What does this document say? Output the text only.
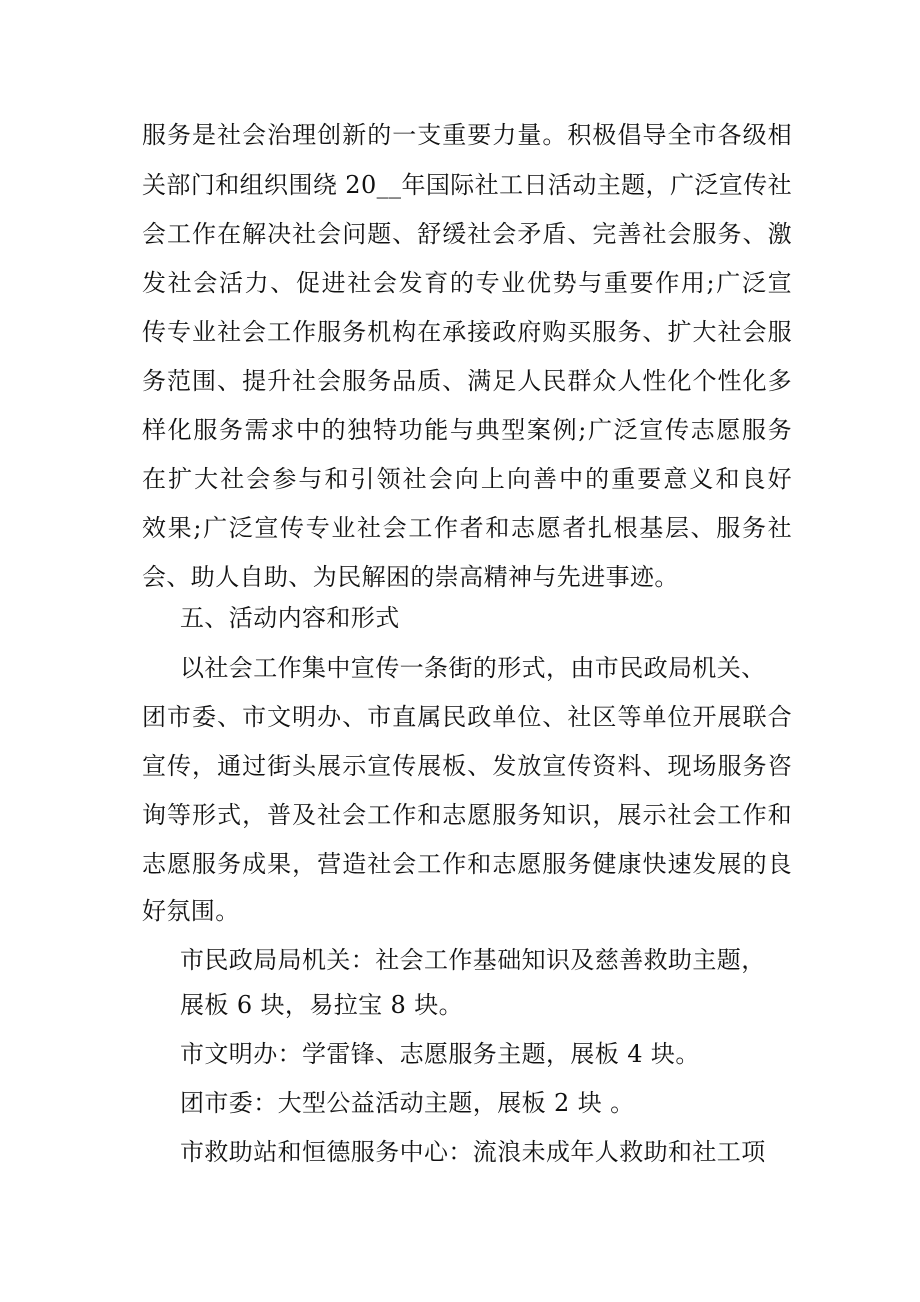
服务是社会治理创新的一支重要力量。积极倡导全市各级相
关部门和组织围绕 20__年国际社工日活动主题，广泛宣传社
会工作在解决社会问题、舒缓社会矛盾、完善社会服务、激
发社会活力、促进社会发育的专业优势与重要作用;广泛宣
传专业社会工作服务机构在承接政府购买服务、扩大社会服
务范围、提升社会服务品质、满足人民群众人性化个性化多
样化服务需求中的独特功能与典型案例;广泛宣传志愿服务
在扩大社会参与和引领社会向上向善中的重要意义和良好
效果;广泛宣传专业社会工作者和志愿者扎根基层、服务社
会、助人自助、为民解困的崇高精神与先进事迹。
五、活动内容和形式
以社会工作集中宣传一条街的形式，由市民政局机关、
团市委、市文明办、市直属民政单位、社区等单位开展联合
宣传，通过街头展示宣传展板、发放宣传资料、现场服务咨
询等形式，普及社会工作和志愿服务知识，展示社会工作和
志愿服务成果，营造社会工作和志愿服务健康快速发展的良
好氛围。
市民政局局机关：社会工作基础知识及慈善救助主题，
展板 6 块，易拉宝 8 块。
市文明办：学雷锋、志愿服务主题，展板 4 块。
团市委：大型公益活动主题，展板 2 块 。
市救助站和恒德服务中心：流浪未成年人救助和社工项
